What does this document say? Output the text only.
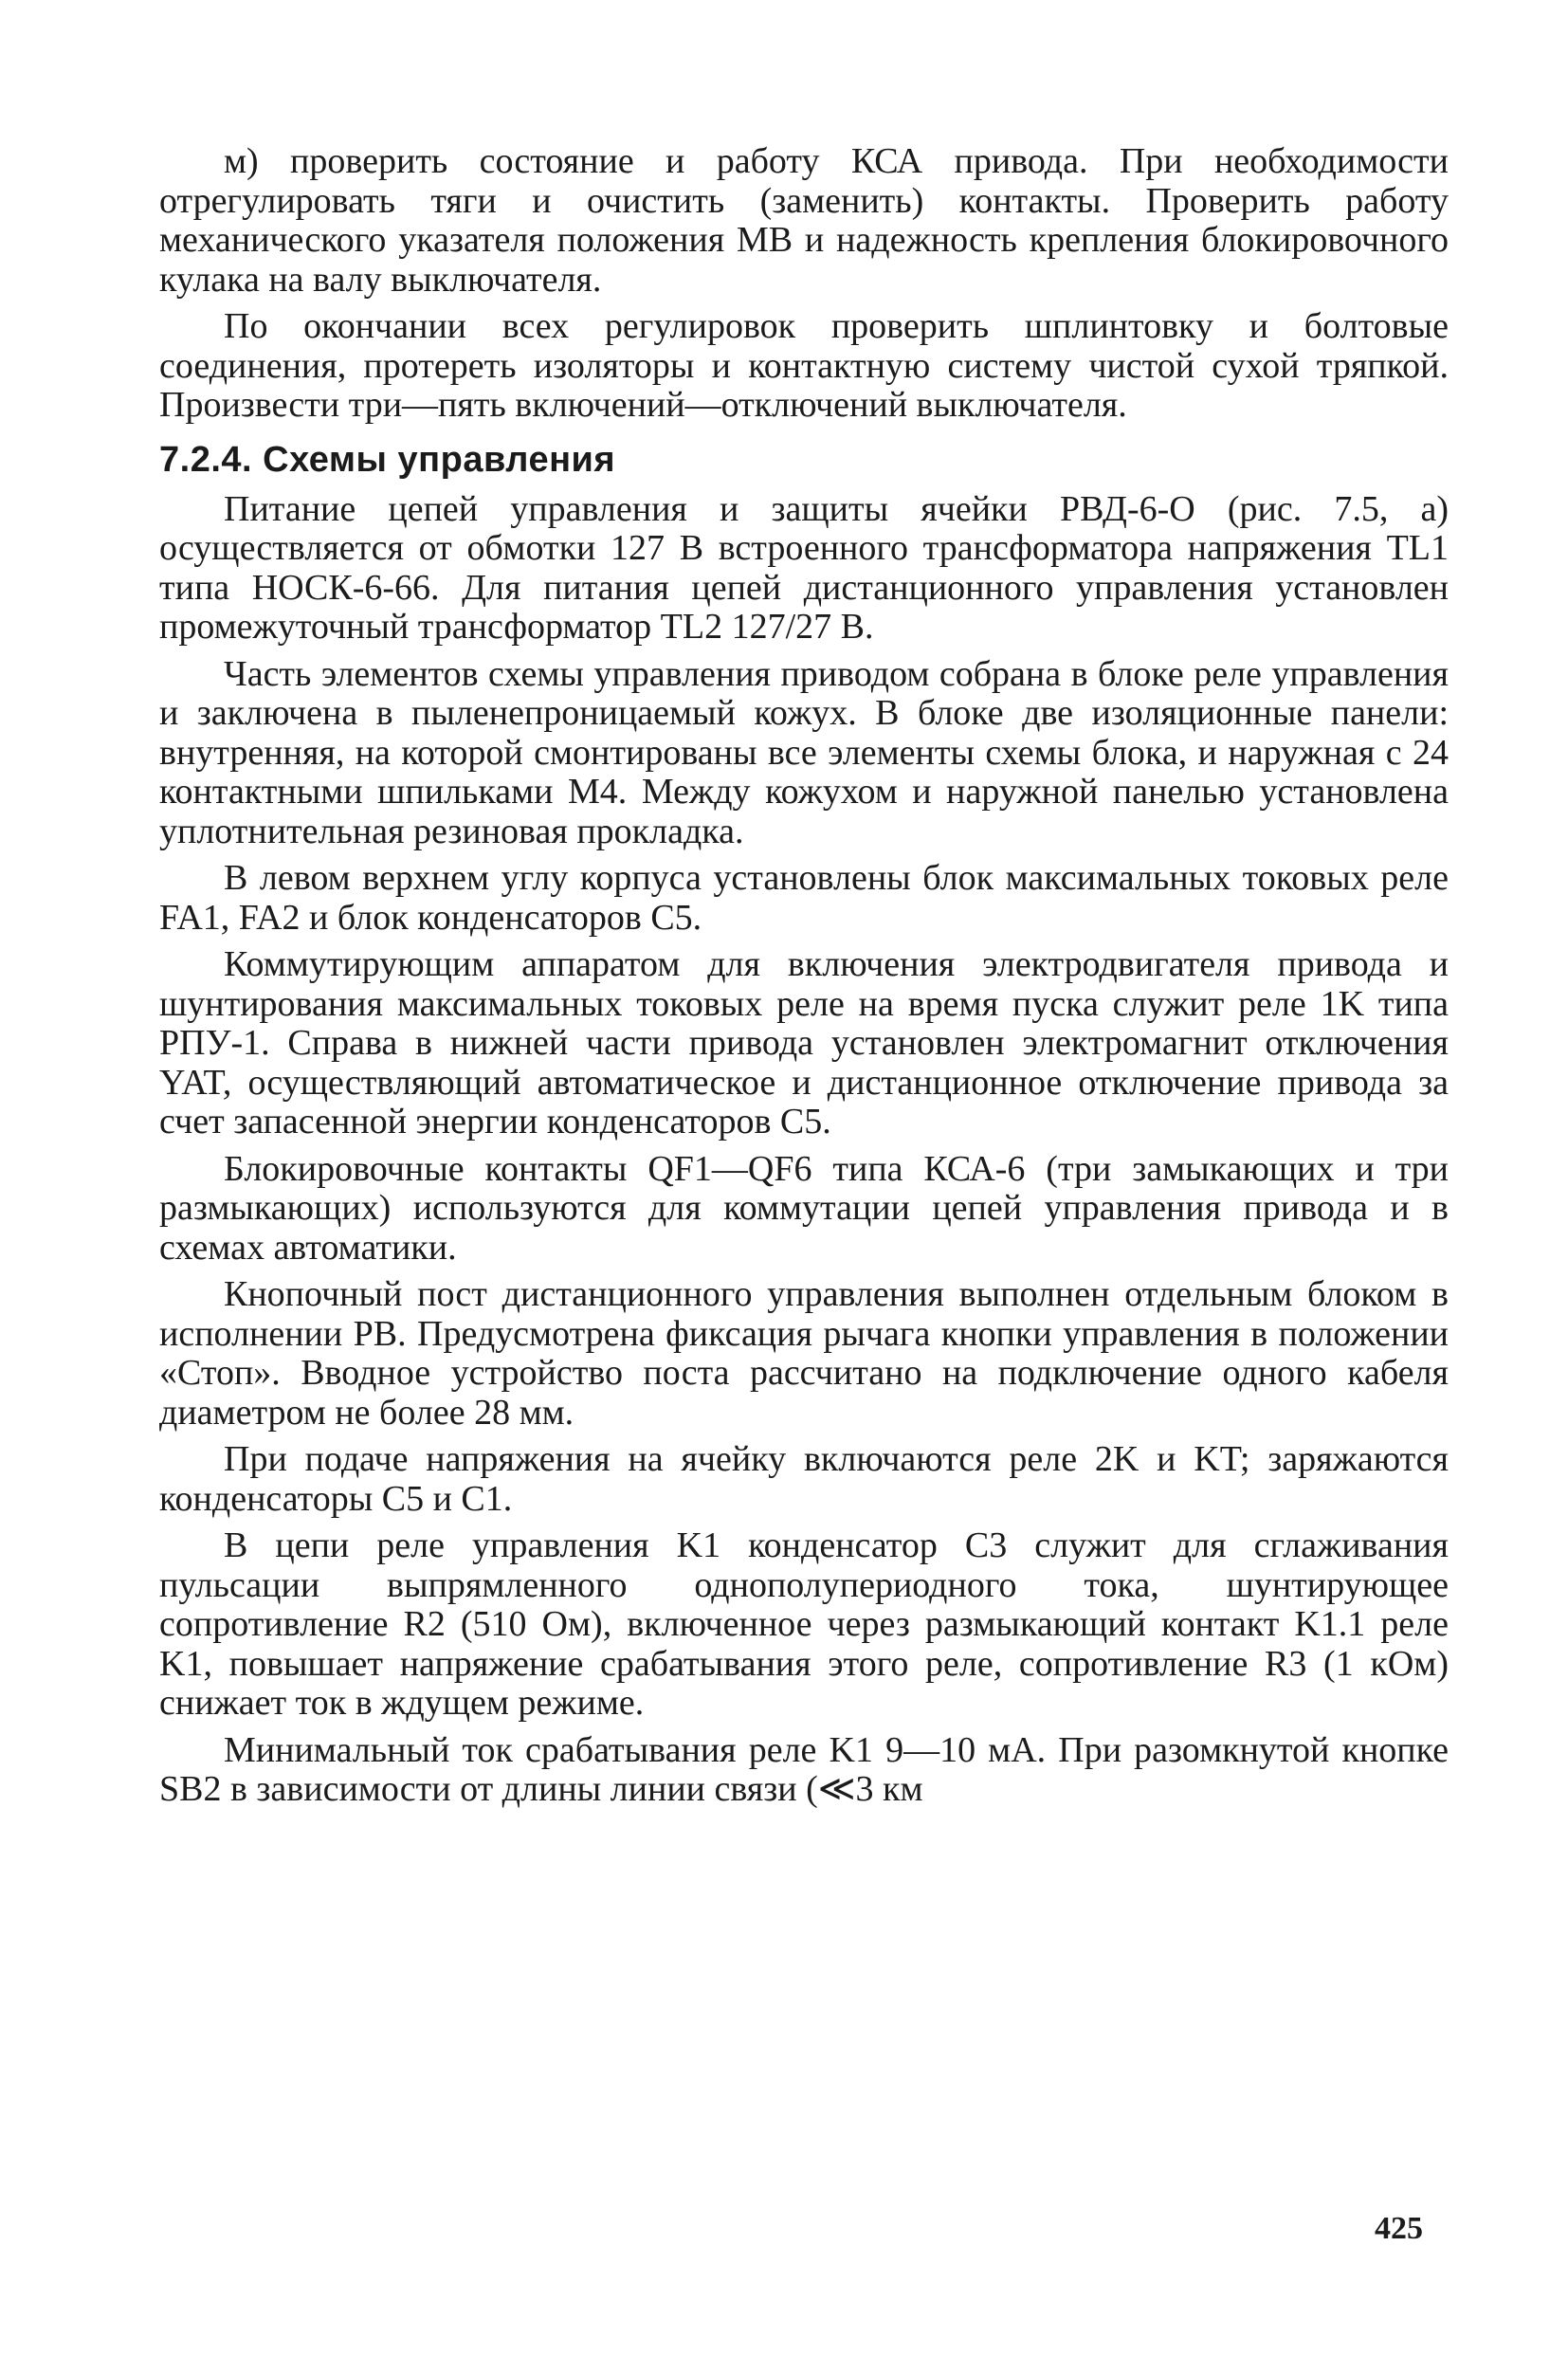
м) проверить состояние и работу КСА привода. При необходимости отрегулировать тяги и очистить (заменить) контакты. Проверить работу механического указателя положения МВ и надежность крепления блокировочного кулака на валу выключателя.

По окончании всех регулировок проверить шплинтовку и болтовые соединения, протереть изоляторы и контактную систему чистой сухой тряпкой. Произвести три—пять включений—отключений выключателя.

7.2.4. Схемы управления

Питание цепей управления и защиты ячейки РВД-6-О (рис. 7.5, а) осуществляется от обмотки 127 В встроенного трансформатора напряжения TL1 типа НОСК-6-66. Для питания цепей дистанционного управления установлен промежуточный трансформатор TL2 127/27 В.

Часть элементов схемы управления приводом собрана в блоке реле управления и заключена в пыленепроницаемый кожух. В блоке две изоляционные панели: внутренняя, на которой смонтированы все элементы схемы блока, и наружная с 24 контактными шпильками М4. Между кожухом и наружной панелью установлена уплотнительная резиновая прокладка.

В левом верхнем углу корпуса установлены блок максимальных токовых реле FA1, FA2 и блок конденсаторов C5.

Коммутирующим аппаратом для включения электродвигателя привода и шунтирования максимальных токовых реле на время пуска служит реле 1K типа РПУ-1. Справа в нижней части привода установлен электромагнит отключения YAT, осуществляющий автоматическое и дистанционное отключение привода за счет запасенной энергии конденсаторов C5.

Блокировочные контакты QF1—QF6 типа КСА-6 (три замыкающих и три размыкающих) используются для коммутации цепей управления привода и в схемах автоматики.

Кнопочный пост дистанционного управления выполнен отдельным блоком в исполнении РВ. Предусмотрена фиксация рычага кнопки управления в положении «Стоп». Вводное устройство поста рассчитано на подключение одного кабеля диаметром не более 28 мм.

При подаче напряжения на ячейку включаются реле 2K и KT; заряжаются конденсаторы C5 и C1.

В цепи реле управления K1 конденсатор C3 служит для сглаживания пульсации выпрямленного однополупериодного тока, шунтирующее сопротивление R2 (510 Ом), включенное через размыкающий контакт K1.1 реле K1, повышает напряжение срабатывания этого реле, сопротивление R3 (1 кОм) снижает ток в ждущем режиме.

Минимальный ток срабатывания реле K1 9—10 мА. При разомкнутой кнопке SB2 в зависимости от длины линии связи (≪3 км

425
